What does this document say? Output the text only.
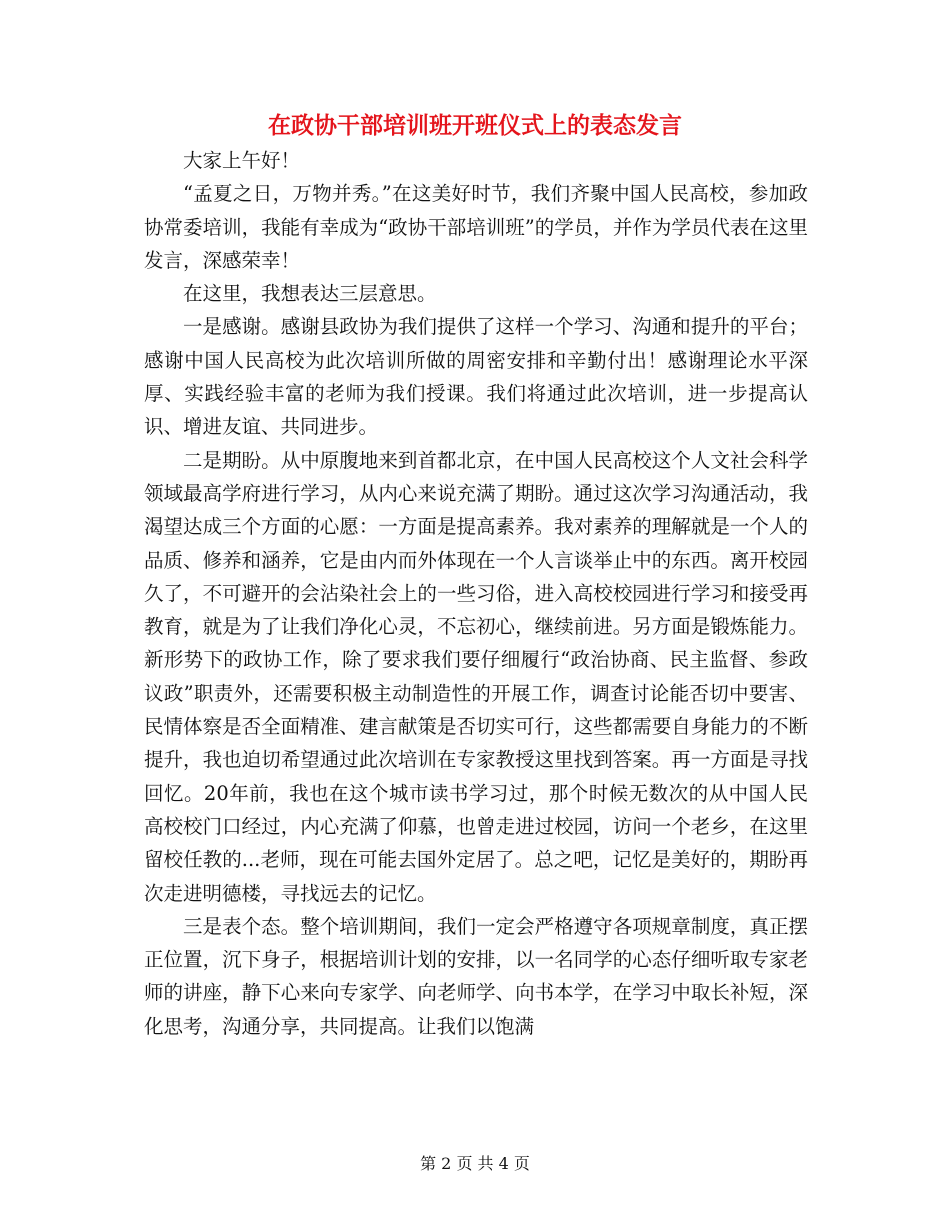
在政协干部培训班开班仪式上的表态发言

大家上午好！

“孟夏之日，万物并秀。”在这美好时节，我们齐聚中国人民高校，参加政协常委培训，我能有幸成为“政协干部培训班”的学员，并作为学员代表在这里发言，深感荣幸！

在这里，我想表达三层意思。

一是感谢。感谢县政协为我们提供了这样一个学习、沟通和提升的平台；感谢中国人民高校为此次培训所做的周密安排和辛勤付出！感谢理论水平深厚、实践经验丰富的老师为我们授课。我们将通过此次培训，进一步提高认识、增进友谊、共同进步。

二是期盼。从中原腹地来到首都北京，在中国人民高校这个人文社会科学领域最高学府进行学习，从内心来说充满了期盼。通过这次学习沟通活动，我渴望达成三个方面的心愿：一方面是提高素养。我对素养的理解就是一个人的品质、修养和涵养，它是由内而外体现在一个人言谈举止中的东西。离开校园久了，不可避开的会沾染社会上的一些习俗，进入高校校园进行学习和接受再教育，就是为了让我们净化心灵，不忘初心，继续前进。另方面是锻炼能力。新形势下的政协工作，除了要求我们要仔细履行“政治协商、民主监督、参政议政”职责外，还需要积极主动制造性的开展工作，调查讨论能否切中要害、民情体察是否全面精准、建言献策是否切实可行，这些都需要自身能力的不断提升，我也迫切希望通过此次培训在专家教授这里找到答案。再一方面是寻找回忆。20年前，我也在这个城市读书学习过，那个时候无数次的从中国人民高校校门口经过，内心充满了仰慕，也曾走进过校园，访问一个老乡，在这里留校任教的...老师，现在可能去国外定居了。总之吧，记忆是美好的，期盼再次走进明德楼，寻找远去的记忆。

三是表个态。整个培训期间，我们一定会严格遵守各项规章制度，真正摆正位置，沉下身子，根据培训计划的安排，以一名同学的心态仔细听取专家老师的讲座，静下心来向专家学、向老师学、向书本学，在学习中取长补短，深化思考，沟通分享，共同提高。让我们以饱满

第 2 页 共 4 页
